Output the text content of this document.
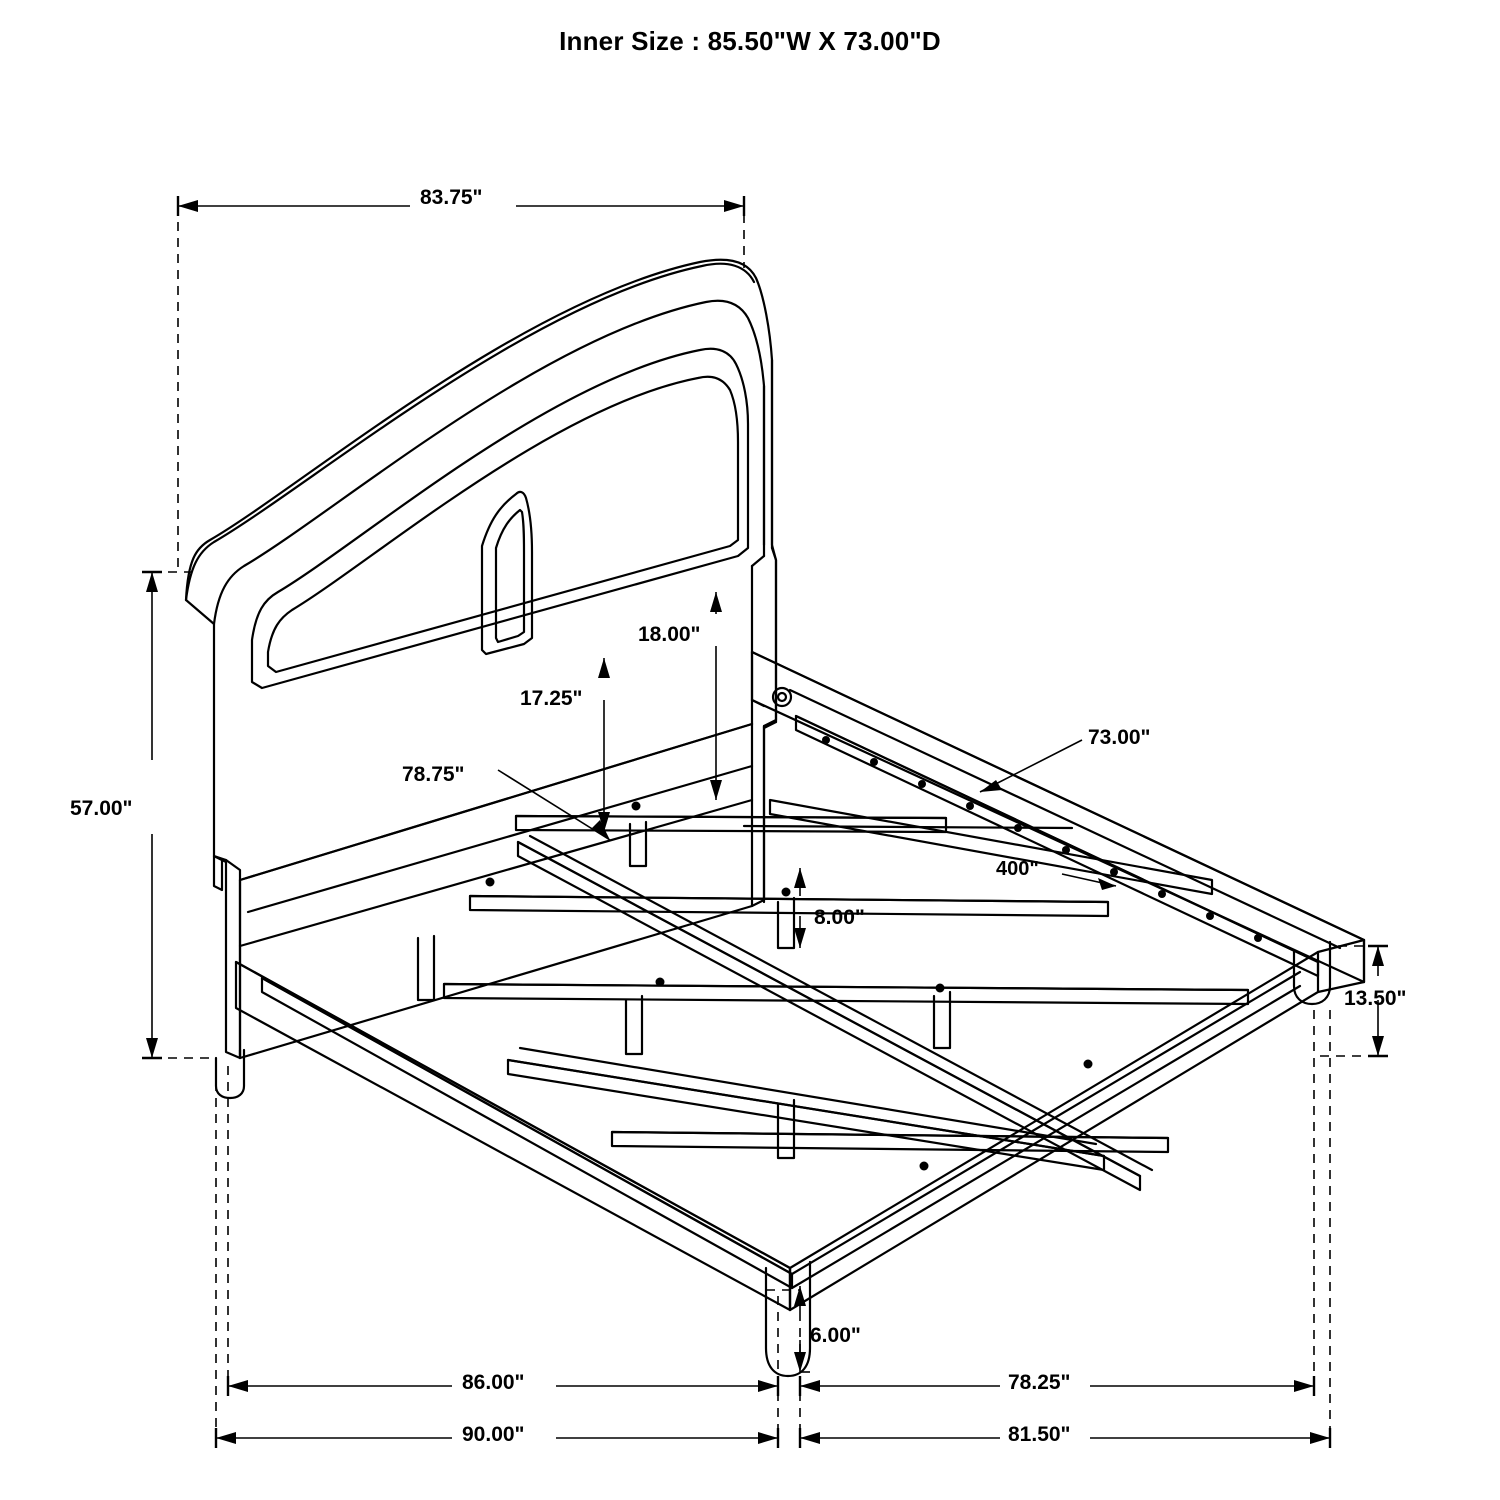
Inner Size : 85.50"W X 73.00"D
83.75"
18.00"
17.25"
78.75"
57.00"
73.00"
400"
8.00"
13.50"
6.00"
86.00"	78.25"
90.00"	81.50"
